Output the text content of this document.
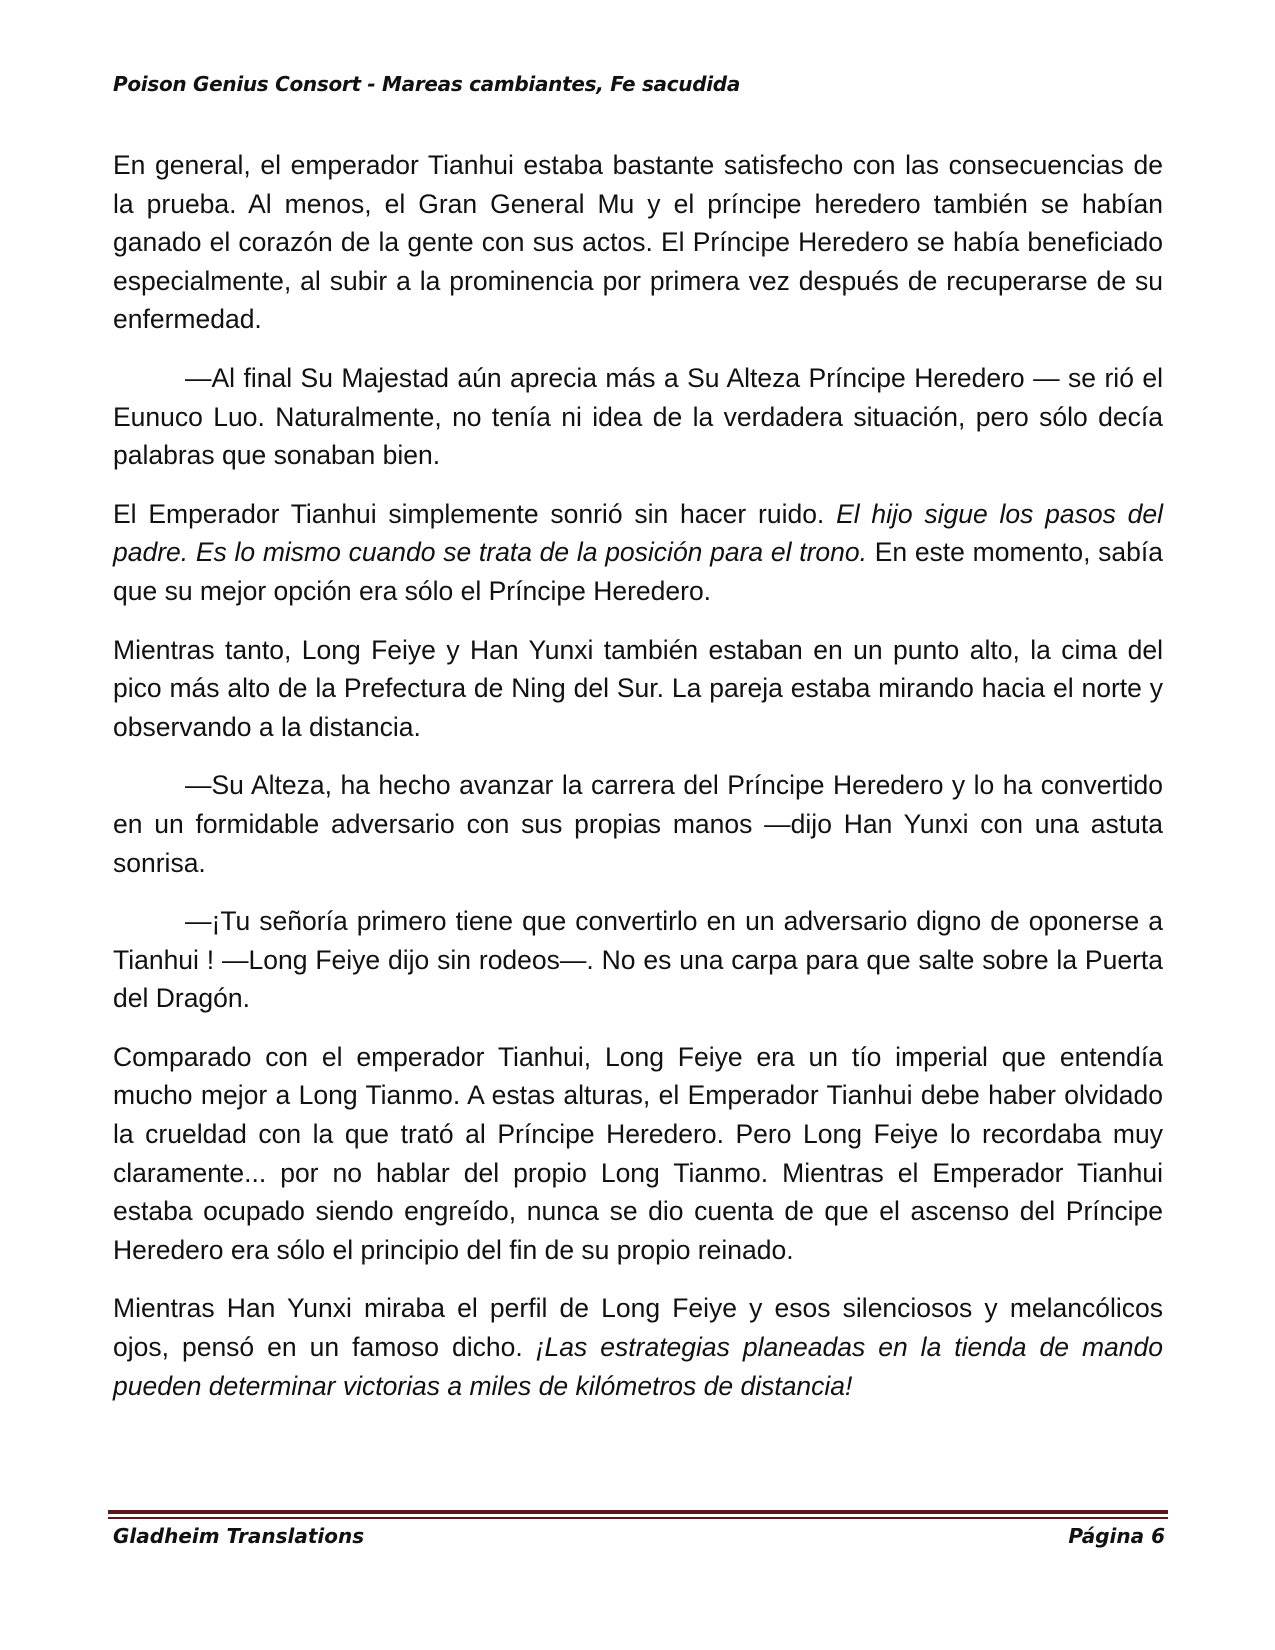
Poison Genius Consort - Mareas cambiantes, Fe sacudida

En general, el emperador Tianhui estaba bastante satisfecho con las consecuencias de la prueba. Al menos, el Gran General Mu y el príncipe heredero también se habían ganado el corazón de la gente con sus actos. El Príncipe Heredero se había beneficiado especialmente, al subir a la prominencia por primera vez después de recuperarse de su enfermedad.

—Al final Su Majestad aún aprecia más a Su Alteza Príncipe Heredero — se rió el Eunuco Luo. Naturalmente, no tenía ni idea de la verdadera situación, pero sólo decía palabras que sonaban bien.

El Emperador Tianhui simplemente sonrió sin hacer ruido. El hijo sigue los pasos del padre. Es lo mismo cuando se trata de la posición para el trono. En este momento, sabía que su mejor opción era sólo el Príncipe Heredero.

Mientras tanto, Long Feiye y Han Yunxi también estaban en un punto alto, la cima del pico más alto de la Prefectura de Ning del Sur. La pareja estaba mirando hacia el norte y observando a la distancia.

—Su Alteza, ha hecho avanzar la carrera del Príncipe Heredero y lo ha convertido en un formidable adversario con sus propias manos —dijo Han Yunxi con una astuta sonrisa.

—¡Tu señoría primero tiene que convertirlo en un adversario digno de oponerse a Tianhui ! —Long Feiye dijo sin rodeos—. No es una carpa para que salte sobre la Puerta del Dragón.

Comparado con el emperador Tianhui, Long Feiye era un tío imperial que entendía mucho mejor a Long Tianmo. A estas alturas, el Emperador Tianhui debe haber olvidado la crueldad con la que trató al Príncipe Heredero. Pero Long Feiye lo recordaba muy claramente... por no hablar del propio Long Tianmo. Mientras el Emperador Tianhui estaba ocupado siendo engreído, nunca se dio cuenta de que el ascenso del Príncipe Heredero era sólo el principio del fin de su propio reinado.

Mientras Han Yunxi miraba el perfil de Long Feiye y esos silenciosos y melancólicos ojos, pensó en un famoso dicho. ¡Las estrategias planeadas en la tienda de mando pueden determinar victorias a miles de kilómetros de distancia!

Gladheim Translations	Página 6
